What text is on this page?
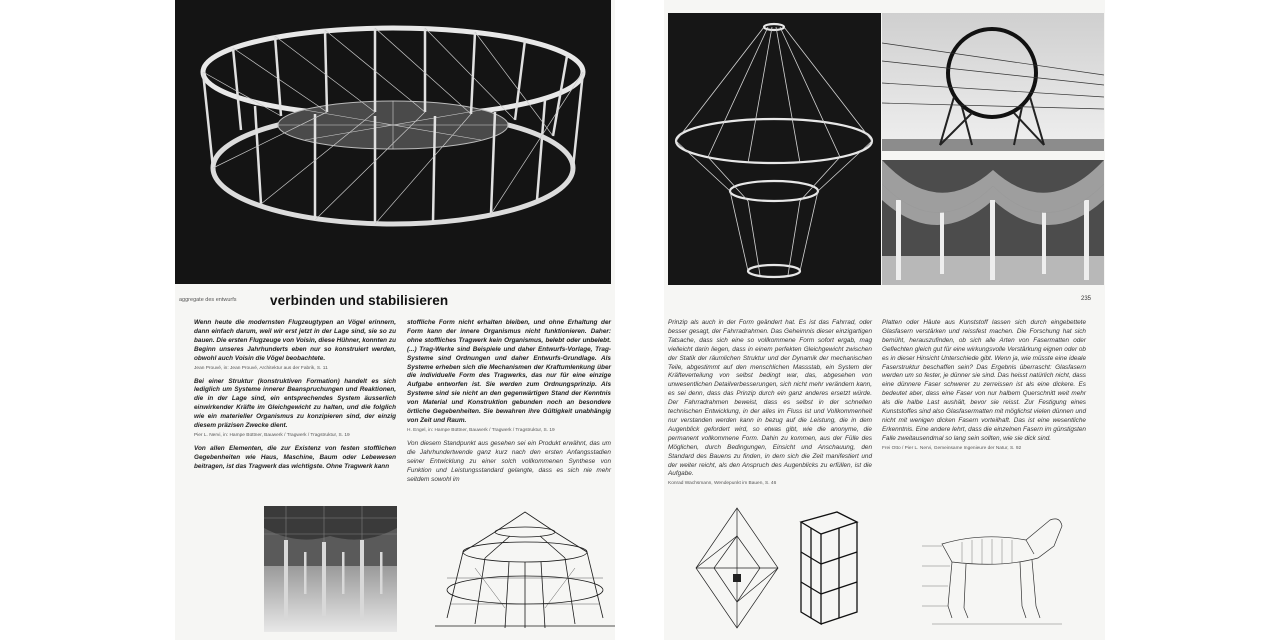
aggregate des entwurfs verbinden und stabilisieren

Wenn heute die modernsten Flugzeugtypen an Vögel erinnern, dann einfach darum, weil wir erst jetzt in der Lage sind, sie so zu bauen. Die ersten Flugzeuge von Voisin, diese Hühner, konnten zu Beginn unseres Jahrhunderts eben nur so konstruiert werden, obwohl auch Voisin die Vögel beobachtete.

Jean Prouvé, in: Jean Prouvé, Architektur aus der Fabrik, S. 11

Bei einer Struktur (konstruktiven Formation) handelt es sich lediglich um Systeme innerer Beanspruchungen und Reaktionen, die in der Lage sind, ein entsprechendes System äusserlich einwirkender Kräfte im Gleichgewicht zu halten, und die folglich wie ein materieller Organismus zu konzipieren sind, der einzig diesem präzisen Zwecke dient.

Pier L. Nervi, in: Hampe Büttner, Bauwerk / Tragwerk / Tragstruktur, S. 19

Von allen Elementen, die zur Existenz von festen stofflichen Gegebenheiten wie Haus, Maschine, Baum oder Lebewesen beitragen, ist das Tragwerk das wichtigste. Ohne Tragwerk kann

stoffliche Form nicht erhalten bleiben, und ohne Erhaltung der Form kann der innere Organismus nicht funktionieren. Daher: ohne stoffliches Tragwerk kein Organismus, belebt oder unbelebt. (...) Trag-Werke sind Beispiele und daher Entwurfs-Vorlage, Trag-Systeme sind Ordnungen und daher Entwurfs-Grundlage. Als Systeme erheben sich die Mechanismen der Kraftumlenkung über die individuelle Form des Tragwerks, das nur für eine einzige Aufgabe entworfen ist. Sie werden zum Ordnungsprinzip. Als Systeme sind sie nicht an den gegenwärtigen Stand der Kenntnis von Material und Konstruktion gebunden noch an besondere örtliche Gegebenheiten. Sie bewahren ihre Gültigkeit unabhängig von Zeit und Raum.

H. Engel, in: Hampe Büttner, Bauwerk / Tragwerk / Tragstruktur, S. 19

Von diesem Standpunkt aus gesehen sei ein Produkt erwähnt, das um die Jahrhundertwende ganz kurz nach den ersten Anfangsstadien seiner Entwicklung zu einer solch vollkommenen Synthese von Funktion und Leistungsstandard gelangte, dass es sich nie mehr seitdem sowohl im

235

Prinzip als auch in der Form geändert hat. Es ist das Fahrrad, oder besser gesagt, der Fahrradrahmen. Das Geheimnis dieser einzigartigen Tatsache, dass sich eine so vollkommene Form sofort ergab, mag vielleicht darin liegen, dass in einem perfekten Gleichgewicht zwischen der Statik der räumlichen Struktur und der Dynamik der mechanischen Teile, abgestimmt auf den menschlichen Massstab, ein System der Kräfteverteilung von selbst bedingt war, das, abgesehen von unwesentlichen Detailverbesserungen, sich nicht mehr verändern kann, es sei denn, dass das Prinzip durch ein ganz anderes ersetzt würde. Der Fahrradrahmen beweist, dass es selbst in der schnellen technischen Entwicklung, in der alles im Fluss ist und Vollkommenheit nur verstanden werden kann in bezug auf die Leistung, die in dem Augenblick gefordert wird, so etwas gibt, wie die anonyme, die permanent vollkommene Form. Dahin zu kommen, aus der Fülle des Möglichen, durch Bedingungen, Einsicht und Anschauung, den Standard des Bauens zu finden, in dem sich die Zeit manifestiert und der weiter reicht, als den Anspruch des Augenblicks zu erfüllen, ist die Aufgabe.

Konrad Wachsmann, Wendepunkt im Bauen, S. 46

Platten oder Häute aus Kunststoff lassen sich durch eingebettete Glasfasern verstärken und reissfest machen. Die Forschung hat sich bemüht, herauszufinden, ob sich alle Arten von Fasermatten oder Geflechten gleich gut für eine wirkungsvolle Verstärkung eignen oder ob es in dieser Hinsicht Unterschiede gibt. Wenn ja, wie müsste eine ideale Faserstruktur beschaffen sein? Das Ergebnis überrascht: Glasfasern werden um so fester, je dünner sie sind. Das heisst natürlich nicht, dass eine dünnere Faser schwerer zu zerreissen ist als eine dickere. Es bedeutet aber, dass eine Faser von nur halbem Querschnitt weit mehr als die halbe Last aushält, bevor sie reisst. Zur Festigung eines Kunststoffes sind also Glasfasermatten mit möglichst vielen dünnen und nicht mit wenigen dicken Fasern vorteilhaft. Das ist eine wesentliche Erkenntnis. Eine andere lehrt, dass die einzelnen Fasern im günstigsten Falle zweitausendmal so lang sein sollten, wie sie dick sind.

Frei Otto / Pier L. Nervi, Gemeinsame Ingenieure der Natur, S. 92
